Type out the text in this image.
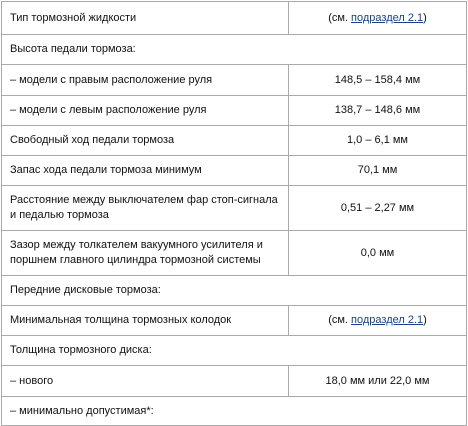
Тип тормозной жидкости	(см. подраздел 2.1)
Высота педали тормоза:	
– модели с правым расположение руля	148,5 – 158,4 мм
– модели с левым расположение руля	138,7 – 148,6 мм
Свободный ход педали тормоза	1,0 – 6,1 мм
Запас хода педали тормоза минимум	70,1 мм
Расстояние между выключателем фар стоп-сигнала и педалью тормоза	0,51 – 2,27 мм
Зазор между толкателем вакуумного усилителя и поршнем главного цилиндра тормозной системы	0,0 мм
Передние дисковые тормоза:	
Минимальная толщина тормозных колодок	(см. подраздел 2.1)
Толщина тормозного диска:	
– нового	18,0 мм или 22,0 мм
– минимально допустимая*:	
